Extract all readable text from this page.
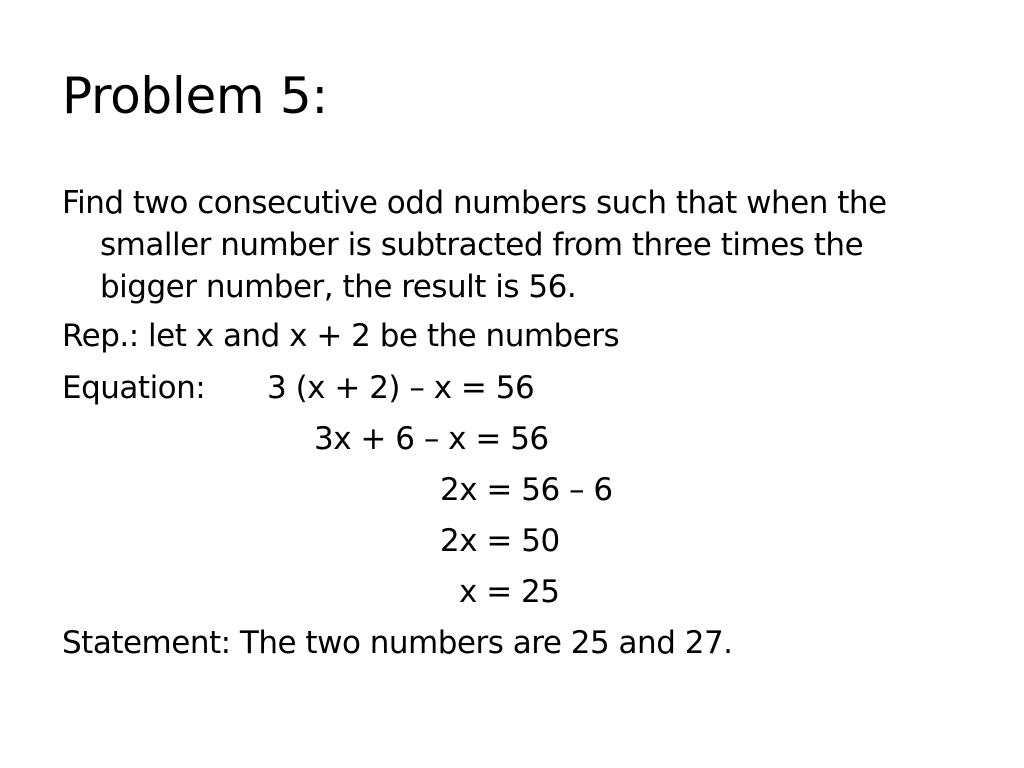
Problem 5:
Find two consecutive odd numbers such that when the smaller number is subtracted from three times the bigger number, the result is 56.
Rep.: let x and x + 2 be the numbers
Equation: 3 (x + 2) – x = 56
3x + 6 – x = 56
2x = 56 – 6
2x = 50
x = 25
Statement: The two numbers are 25 and 27.
